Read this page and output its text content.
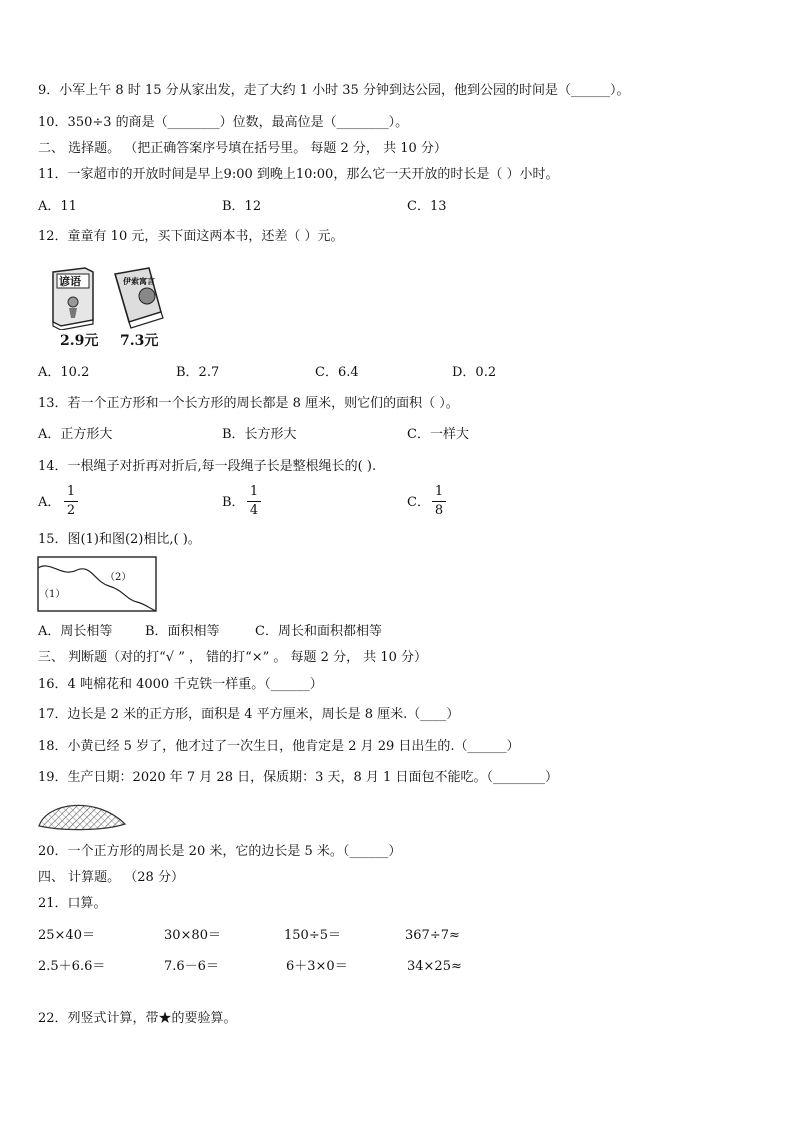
9．小军上午 8 时 15 分从家出发，走了大约 1 小时 35 分钟到达公园，他到公园的时间是（______）。
10．350÷3 的商是（________）位数，最高位是（________）。
二、 选择题。 （把正确答案序号填在括号里。 每题 2 分， 共 10 分）
11．一家超市的开放时间是早上9:00 到晚上10:00，那么它一天开放的时长是（ ）小时。
A．11	B．12	C．13
12．童童有 10 元，买下面这两本书，还差（ ）元。
谚语	伊索寓言
2.9元 7.3元
A．10.2	B．2.7	C．6.4	D．0.2
13．若一个正方形和一个长方形的周长都是 8 厘米，则它们的面积（ ）。
A．正方形大	B．长方形大	C．一样大
14．一根绳子对折再对折后,每一段绳子长是整根绳长的( ).
A．
1
2
B．
1
4
C．
1
8
15．图(1)和图(2)相比,( )。
（2）
（1）
A．周长相等	B．面积相等	C．周长和面积都相等
三、 判断题（对的打“√ ” ， 错的打“×” 。 每题 2 分， 共 10 分）
16．4 吨棉花和 4000 千克铁一样重。（______）
17．边长是 2 米的正方形，面积是 4 平方厘米，周长是 8 厘米.（____）
18．小黄已经 5 岁了，他才过了一次生日，他肯定是 2 月 29 日出生的.（______）
19．生产日期：2020 年 7 月 28 日，保质期：3 天，8 月 1 日面包不能吃。（________）
20．一个正方形的周长是 20 米，它的边长是 5 米。（______）
四、 计算题。 （28 分）
21．口算。
25×40＝	30×80＝	150÷5＝	367÷7≈
2.5＋6.6＝	7.6－6＝	6＋3×0＝	34×25≈
22．列竖式计算，带★的要验算。
